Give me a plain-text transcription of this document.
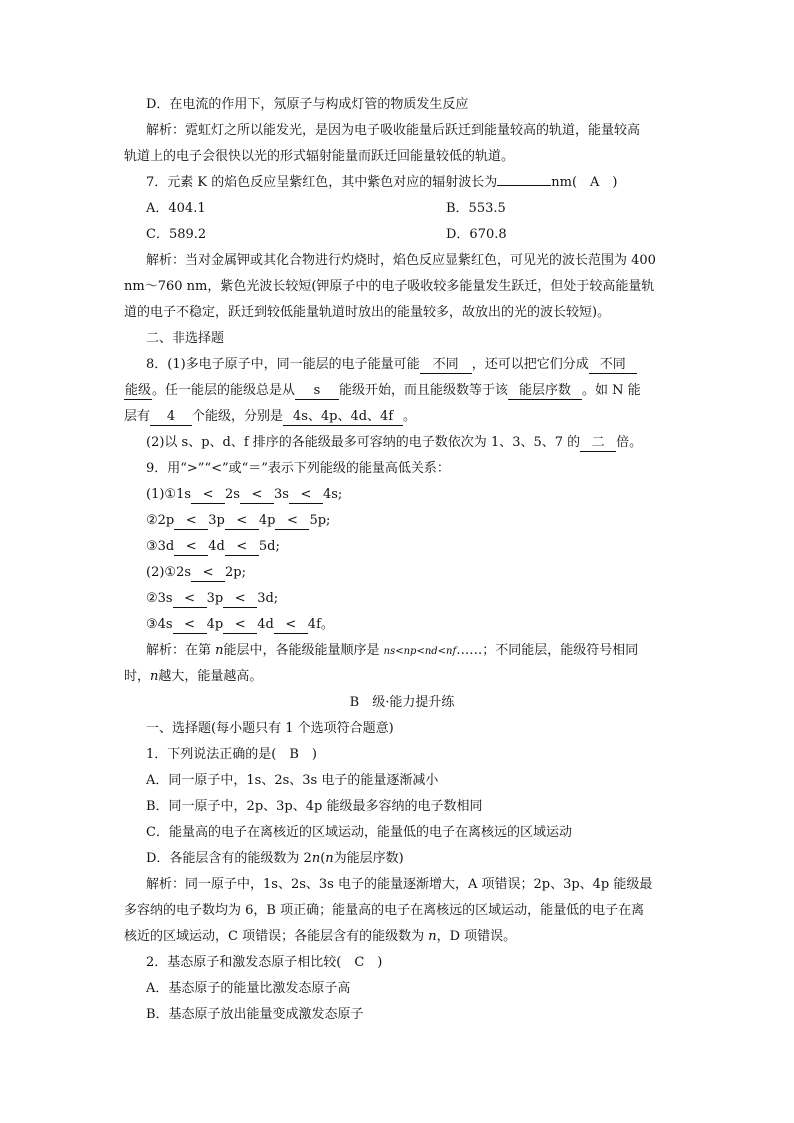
D．在电流的作用下，氖原子与构成灯管的物质发生反应
解析：霓虹灯之所以能发光，是因为电子吸收能量后跃迁到能量较高的轨道，能量较高
轨道上的电子会很快以光的形式辐射能量而跃迁回能量较低的轨道。
7．元素 K 的焰色反应呈紫红色，其中紫色对应的辐射波长为	nm(　A　)
A．404.1	B．553.5
C．589.2	D．670.8
解析：当对金属钾或其化合物进行灼烧时，焰色反应显紫红色，可见光的波长范围为 400
nm～760 nm，紫色光波长较短(钾原子中的电子吸收较多能量发生跃迁，但处于较高能量轨
道的电子不稳定，跃迁到较低能量轨道时放出的能量较多，故放出的光的波长较短)。
二、非选择题
8．(1)多电子原子中，同一能层的电子能量可能 不同 ，还可以把它们分成 不同
能级。任一能层的能级总是从 s 能级开始，而且能级数等于该 能层序数 。如 N 能
层有 4 个能级，分别是 4s、4p、4d、4f 。
(2)以 s、p、d、f 排序的各能级最多可容纳的电子数依次为 1、3、5、7 的 二 倍。
9．用“>”“<”或“＝”表示下列能级的能量高低关系：
(1)①1s < 2s < 3s < 4s;
②2p < 3p < 4p < 5p;
③3d < 4d < 5d;
(2)①2s < 2p;
②3s < 3p < 3d;
③4s < 4p < 4d < 4f。
解析：在第 n能层中，各能级能量顺序是 ns<np<nd<nf……；不同能层，能级符号相同
时，n越大，能量越高。
B　级·能力提升练
一、选择题(每小题只有 1 个选项符合题意)
1．下列说法正确的是(　B　)
A．同一原子中，1s、2s、3s 电子的能量逐渐减小
B．同一原子中，2p、3p、4p 能级最多容纳的电子数相同
C．能量高的电子在离核近的区域运动，能量低的电子在离核远的区域运动
D．各能层含有的能级数为 2n(n为能层序数)
解析：同一原子中，1s、2s、3s 电子的能量逐渐增大，A 项错误；2p、3p、4p 能级最
多容纳的电子数均为 6，B 项正确；能量高的电子在离核远的区域运动，能量低的电子在离
核近的区域运动，C 项错误；各能层含有的能级数为 n，D 项错误。
2．基态原子和激发态原子相比较(　C　)
A．基态原子的能量比激发态原子高
B．基态原子放出能量变成激发态原子
